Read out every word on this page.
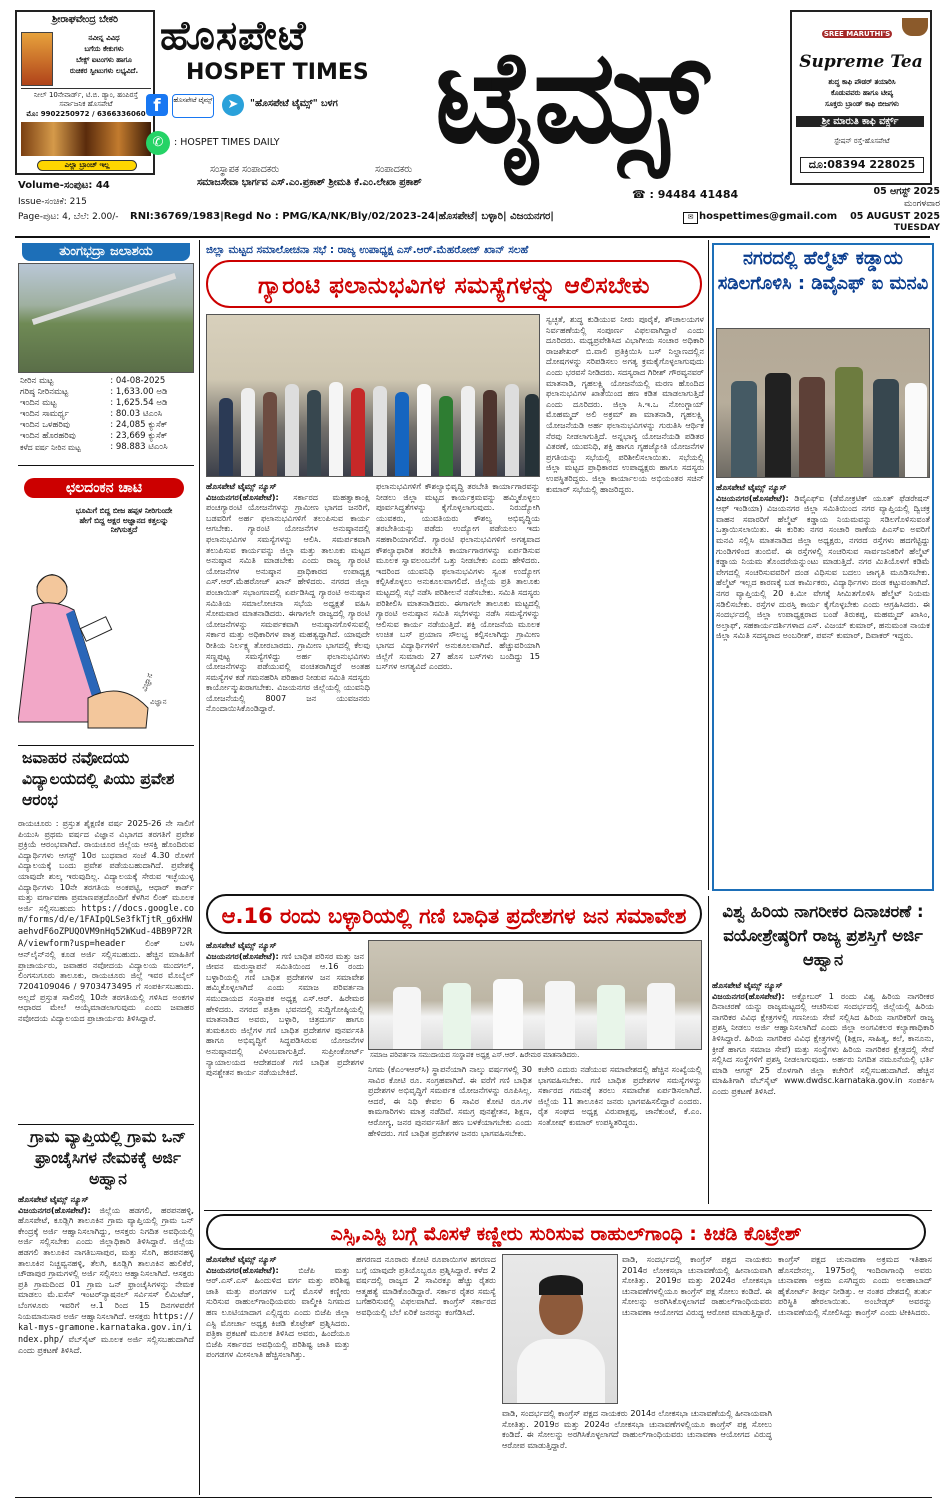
ಶ್ರೀರಾಘವೇಂದ್ರ ಬೇಕರಿ
ನವೀನ್ನ ವಿವಿಧ
ಬಗೆಯ ಕೇಕುಗಳು
ಬೇಕ್ಸ್ ಐಟಂಗಳು ಹಾಗೂ
ರುಚಿಕರ ಸ್ವೀಟುಗಳು ಲಭ್ಯವಿದೆ.
ನೀಲ್ 10ನೇವಾರ್ಡ್, ಟಿ.ಬಿ. ಡ್ಯಾಂ, ಹಂಪಿರಸ್ತೆ ಸರ್ವಾಜನಿಕ ಹೊಸಪೇಟೆ
ಮೊ: 9902250972 / 6366336060
ಎಲ್ಲಾ ಬ್ರಾಂಚ್ ಇಲ್ಲ
ಹೊಸಪೇಟೆ
HOSPET TIMES ಟೈಮ್ಸ್
f	ಹೊಸಪೇಟೆ ಟೈಮ್ಸ್	➤	"ಹೊಸಪೇಟೆ ಟೈಮ್ಸ್" ಬಳಗ
✆	: HOSPET TIMES DAILY
ಸಂಸ್ಥಾಪಕ ಸಂಪಾದಕರು	ಸಂಪಾದಕರು
ಸಮಾಜಸೇವಾ ಭಾರ್ಗವ ಎಸ್.ಎಂ.ಪ್ರಕಾಶ್ ಶ್ರೀಮತಿ ಕೆ.ಎಂ.ಲೇಖಾ ಪ್ರಕಾಶ್
☎ : 94484 41484
SREE MARUTHI'S
Supreme Tea
ಶುದ್ಧ ಕಾಫಿ ಪೌಡರ್ ತಯಾರಿಸಿ
ಕೊಡುವವರು ಹಾಗೂ ಟೀಪ್ಯ
ಸೂಕ್ತರು ಬ್ರಾಂಡ್ ಕಾಫಿ ಬೀಜಗಳು
ಶ್ರೀ ಮಾರುತಿ ಕಾಫಿ ವರ್ಕ್ಸ್
ಸ್ಟೇಷನ್ ರಸ್ತೆ-ಹೊಸಪೇಟೆ
ದೂ:08394 228025
05 ಆಗಸ್ಟ್ 2025
ಮಂಗಳವಾರ
05 AUGUST 2025
TUESDAY
Volume-ಸಂಪುಟ: 44
Issue-ಸಂಚಿಕೆ: 215
Page-ಪುಟ: 4, ಬೆಲೆ: 2.00/-	RNI:36769/1983|Regd No : PMG/KA/NK/Bly/02/2023-24|ಹೊಸಪೇಟೆ| ಬಳ್ಳಾರಿ| ವಿಜಯನಗರ|	✉ hospettimes@gmail.com
ತುಂಗಭದ್ರಾ ಜಲಾಶಯ
ನೀರಿನ ಮಟ್ಟ	: 04-08-2025
ಗರಿಷ್ಠ ನೀರಿನಮಟ್ಟ	: 1,633.00 ಅಡಿ
ಇಂದಿನ ಮಟ್ಟ	: 1,625.54 ಅಡಿ
ಇಂದಿನ ಸಾಮರ್ಥ್ಯ	: 80.03 ಟಿಎಂಸಿ
ಇಂದಿನ ಒಳಹರಿವು	: 24,085 ಕ್ಯುಸೆಕ್
ಇಂದಿನ ಹೊರಹರಿವು	: 23,669 ಕ್ಯುಸೆಕ್
ಕಳೆದ ವರ್ಷ ನೀರಿನ ಮಟ್ಟ	: 98.883 ಟಿಎಂಸಿ
ಛಲದಂಕನ ಚಾಟಿ
ಭೂಮಿಗೆ ಬಿದ್ದ ಬೀಜ ಹಪ್ಪಳ ನೀರಿಗುಂದೇ ಹೇಗೆ ಬಿದ್ದ ಅಕ್ಷರ ಅಜ್ಞಾನದ ಕತ್ತಲನ್ನು ನೀಗಿಸುತ್ತದೆ
ವಿಜ್ಞಾನ
ವಿಜ್ಞಾನ
ಜವಾಹರ ನವೋದಯ ವಿದ್ಯಾಲಯದಲ್ಲಿ ಪಿಯು ಪ್ರವೇಶ ಆರಂಭ
ರಾಯಚೂರು : ಪ್ರಸ್ತುತ ಶೈಕ್ಷಣಿಕ ವರ್ಷ 2025-26 ನೇ ಸಾಲಿಗೆ ಪಿಯುಸಿ ಪ್ರಥಮ ವರ್ಷದ ವಿಜ್ಞಾನ ವಿಭಾಗದ ತರಗತಿಗೆ ಪ್ರವೇಶ ಪ್ರಕ್ರಿಯೆ ಆರಂಭವಾಗಿದೆ. ರಾಯಚೂರ ಜಿಲ್ಲೆಯ ಆಸಕ್ತಿ ಹೊಂದಿರುವ ವಿದ್ಯಾರ್ಥಿಗಳು ಆಗಸ್ಟ್ 10ರ ಬುಧವಾರ ಸಂಜೆ 4.30 ರೊಳಗೆ ವಿದ್ಯಾಲಯಕ್ಕೆ ಬಂದು ಪ್ರವೇಶ ಪಡೆಯಬಹುದಾಗಿದೆ. ಪ್ರವೇಶಕ್ಕೆ ಯಾವುದೇ ಶುಲ್ಕ ಇರುವುದಿಲ್ಲ. ವಿದ್ಯಾಲಯಕ್ಕೆ ಸೇರುವ ಇಚ್ಛೆಯುಳ್ಳ ವಿದ್ಯಾರ್ಥಿಗಳು 10ನೇ ತರಗತಿಯ ಅಂಕಪಟ್ಟಿ, ಆಧಾರ್ ಕಾರ್ಡ್ ಮತ್ತು ವರ್ಗಾವಣಾ ಪ್ರಮಾಣಪತ್ರದೊಂದಿಗೆ ಕೆಳಗಿನ ಲಿಂಕ್ ಮೂಲಕ ಅರ್ಜಿ ಸಲ್ಲಿಸಬಹುದು https://docs.google.com/forms/d/e/1FAIpQLSe3fkTjtR_g6xHWaehvdF6oZPUQOVM9nHq52WKud-4BB9P72RA/viewform?usp=header ಲಿಂಕ್ ಬಳಸಿ ಆನ್‌ಲೈನ್‌ನಲ್ಲಿ ಕೂಡ ಅರ್ಜಿ ಸಲ್ಲಿಸಬಹುದು. ಹೆಚ್ಚಿನ ಮಾಹಿತಿಗೆ ಪ್ರಾಚಾರ್ಯರು, ಜವಾಹರ ನವೋದಯ ವಿದ್ಯಾಲಯ ಮುದಗಲ್, ಲಿಂಗಸುಗೂರು ತಾಲೂಕು, ರಾಯಚೂರು ಜಿಲ್ಲೆ ಇವರ ಮೊಬೈಲ್ 7204109046 / 9703473495 ಗೆ ಸಂಪರ್ಕಿಸಬಹುದು. ಅಲ್ಲದೆ ಪ್ರಸ್ತುತ ಸಾಲಿನಲ್ಲಿ 10ನೇ ತರಗತಿಯಲ್ಲಿ ಗಳಿಸಿದ ಅಂಕಗಳ ಆಧಾರದ ಮೇಲೆ ಆಯ್ಕೆಮಾಡಲಾಗುವುದು ಎಂದು ಜವಾಹರ ನವೋದಯ ವಿದ್ಯಾಲಯದ ಪ್ರಾಚಾರ್ಯರು ತಿಳಿಸಿದ್ದಾರೆ.
ಗ್ರಾಮ ವ್ಯಾಪ್ತಿಯಲ್ಲಿ ಗ್ರಾಮ ಒನ್ ಫ್ರಾಂಚೈಸಿಗಳ ನೇಮಕಕ್ಕೆ ಅರ್ಜಿ ಅಹ್ವಾನ
ಹೊಸಪೇಟೆ ಟೈಮ್ಸ್ ನ್ಯೂಸ್
ವಿಜಯನಗರ(ಹೊಸಪೇಟೆ): ಜಿಲ್ಲೆಯ ಹಡಗಲಿ, ಹರಪನಹಳ್ಳಿ, ಹೊಸಪೇಟೆ, ಕೂಡ್ಲಿಗಿ ತಾಲೂಕಿನ ಗ್ರಾಮ ವ್ಯಾಪ್ತಿಯಲ್ಲಿ ಗ್ರಾಮ ಒನ್ ಕೇಂದ್ರಕ್ಕೆ ಅರ್ಜಿ ಆಹ್ವಾನಿಸಲಾಗಿದ್ದು, ಆಸಕ್ತರು ನಿಗದಿತ ಅವಧಿಯಲ್ಲಿ ಅರ್ಜಿ ಸಲ್ಲಿಸಬೇಕು ಎಂದು ಜಿಲ್ಲಾಧಿಕಾರಿ ತಿಳಿಸಿದ್ದಾರೆ. ಜಿಲ್ಲೆಯ ಹಡಗಲಿ ತಾಲೂಕಿನ ನಾಗತಿಬಸಾಪುರ, ಮತ್ತು ಸೊಗಿ, ಹರಪನಹಳ್ಳಿ ತಾಲೂಕಿನ ನಿಚ್ಚವ್ವನಹಳ್ಳಿ, ತೆಲಗಿ, ಕೂಡ್ಲಿಗಿ ತಾಲೂಕಿನ ಹುಲಿಕೆರೆ, ಚೌಡಾಪುರ ಗ್ರಾಮಗಳಲ್ಲಿ ಅರ್ಜಿ ಸಲ್ಲಿಸಲು ಆಹ್ವಾನಿಸಲಾಗಿದೆ. ಆಸಕ್ತರು ಪ್ರತಿ ಗ್ರಾಮದಿಂದ 01 ಗ್ರಾಮ ಒನ್ ಫ್ರಾಂಚೈಸಿಗಳನ್ನು ನೇಮಕ ಮಾಡಲು ಮೆ.ಐಸೆಸ್ ಇಂಟರ್‌ನ್ಯಾಷನಲ್ ಸರ್ವಿಸಸ್ ಲಿಮಿಟೆಡ್, ಬೆಂಗಳೂರು ಇವರಿಗೆ ಆ.1 ರಿಂದ 15 ದಿನಗಳವರೆಗೆ ನಿಯಮಾನುಸಾರ ಅರ್ಜಿ ಆಹ್ವಾನಿಸಲಾಗಿದೆ. ಆಸಕ್ತರು https://kal-mys-gramone.karnataka.gov.in/index.php/ ವೆಬ್‌ಸೈಟ್ ಮೂಲಕ ಅರ್ಜಿ ಸಲ್ಲಿಸಬಹುದಾಗಿದೆ ಎಂದು ಪ್ರಕಟಣೆ ತಿಳಿಸಿದೆ.
ಜಿಲ್ಲಾ ಮಟ್ಟದ ಸಮಾಲೋಚನಾ ಸಭೆ : ರಾಜ್ಯ ಉಪಾಧ್ಯಕ್ಷ ಎಸ್.ಆರ್.ಮೆಹರೋಜ್ ಖಾನ್ ಸಲಹೆ
ಗ್ಯಾರಂಟಿ ಫಲಾನುಭವಿಗಳ ಸಮಸ್ಯೆಗಳನ್ನು ಆಲಿಸಬೇಕು
ಹೊಸಪೇಟೆ ಟೈಮ್ಸ್ ನ್ಯೂಸ್
ವಿಜಯನಗರ(ಹೊಸಪೇಟೆ): ಸರ್ಕಾರದ ಮಹತ್ವಾಕಾಂಕ್ಷಿ ಪಂಚಗ್ಯಾರಂಟಿ ಯೋಜನೆಗಳನ್ನು ಗ್ರಾಮೀಣ ಭಾಗದ ಜನರಿಗೆ, ಬಡವರಿಗೆ ಅರ್ಹ ಫಲಾನುಭವಿಗಳಿಗೆ ತಲುಪಿಸುವ ಕಾರ್ಯ ಆಗಬೇಕು. ಗ್ಯಾರಂಟಿ ಯೋಜನೆಗಳ ಅನುಷ್ಠಾನದಲ್ಲಿ ಫಲಾನುಭವಿಗಳ ಸಮಸ್ಯೆಗಳನ್ನು ಆಲಿಸಿ. ಸಮರ್ಪಕವಾಗಿ ತಲುಪಿಸುವ ಕಾರ್ಯವನ್ನು ಜಿಲ್ಲಾ ಮತ್ತು ತಾಲೂಕು ಮಟ್ಟದ ಅನುಷ್ಠಾನ ಸಮಿತಿ ಮಾಡಬೇಕು ಎಂದು ರಾಜ್ಯ ಗ್ಯಾರಂಟಿ ಯೋಜನೆಗಳ ಅನುಷ್ಠಾನ ಪ್ರಾಧಿಕಾರದ ಉಪಾಧ್ಯಕ್ಷ ಎಸ್.ಆರ್.ಮೆಹರೋಜ್ ಖಾನ್ ಹೇಳಿದರು. ನಗರದ ಜಿಲ್ಲಾ ಪಂಚಾಯಿತ್ ಸಭಾಂಗಣದಲ್ಲಿ ಏರ್ಪಡಿಸಿದ್ದ ಗ್ಯಾರಂಟಿ ಅನುಷ್ಠಾನ ಸಮಿತಿಯ ಸಮಾಲೋಚನಾ ಸಭೆಯ ಅಧ್ಯಕ್ಷತೆ ವಹಿಸಿ ಸೋಮವಾರ ಮಾತನಾಡಿದರು. ಈಗಾಗಲೇ ರಾಜ್ಯದಲ್ಲಿ ಗ್ಯಾರಂಟಿ ಯೋಜನೆಗಳನ್ನು ಸಮರ್ಪಕವಾಗಿ ಅನುಷ್ಠಾನಗೊಳಿಸುವಲ್ಲಿ ಸರ್ಕಾರ ಮತ್ತು ಅಧಿಕಾರಿಗಳ ಪಾತ್ರ ಮಹತ್ವದ್ದಾಗಿದೆ. ಯಾವುದೇ ರೀತಿಯ ನಿರ್ಲಕ್ಷ್ಯ ತೋರಬಾರದು. ಗ್ರಾಮೀಣ ಭಾಗದಲ್ಲಿ ಕೆಲವು ಸಣ್ಣಪುಟ್ಟ ಸಮಸ್ಯೆಗಳಿದ್ದು ಅರ್ಹ ಫಲಾನುಭವಿಗಳು ಯೋಜನೆಗಳನ್ನು ಪಡೆಯುವಲ್ಲಿ ವಂಚಿತರಾಗಿದ್ದರೆ ಅಂತಹ ಸಮಸ್ಯೆಗಳ ಕಡೆ ಗಮನಹರಿಸಿ ಪರಿಹಾರ ನೀಡುವ ಸಮಿತಿ ಸದಸ್ಯರು ಕಾರ್ಯೋನ್ಮುಖರಾಗಬೇಕು. ವಿಜಯನಗರ ಜಿಲ್ಲೆಯಲ್ಲಿ ಯುವನಿಧಿ ಯೋಜನೆಯಲ್ಲಿ 8007 ಜನ ಯುವಜನರು ನೊಂದಾಯಿಸಿಕೊಂಡಿದ್ದಾರೆ.
ಫಲಾನುಭವಿಗಳಿಗೆ ಕೌಶಲ್ಯಾಭಿವೃದ್ಧಿ ತರಬೇತಿ ಕಾರ್ಯಾಗಾರವನ್ನು ನೀಡಲು ಜಿಲ್ಲಾ ಮಟ್ಟದ ಕಾರ್ಯಕ್ರಮವನ್ನು ಹಮ್ಮಿಕೊಳ್ಳಲು ಪೂರ್ವಸಿದ್ಧತೆಗಳನ್ನು ಕೈಗೊಳ್ಳಲಾಗುವುದು. ನಿರುದ್ಯೋಗಿ ಯುವಕರು, ಯುವತಿಯರು ಕೌಶಲ್ಯ ಅಭಿವೃದ್ಧಿಯ ತರಬೇತಿಯನ್ನು ಪಡೆದು ಉದ್ಯೋಗ ಪಡೆಯಲು ಇದು ಸಹಕಾರಿಯಾಗಲಿದೆ. ಗ್ಯಾರಂಟಿ ಫಲಾನುಭವಿಗಳಿಗೆ ಅಗತ್ಯವಾದ ಕೌಶಲ್ಯಾಧಾರಿತ ತರಬೇತಿ ಕಾರ್ಯಾಗಾರಗಳನ್ನು ಏರ್ಪಡಿಸುವ ಮೂಲಕ ಸ್ವಾವಲಂಬನೆಗೆ ಒತ್ತು ನೀಡಬೇಕು ಎಂದು ಹೇಳಿದರು. ಇದರಿಂದ ಯುವನಿಧಿ ಫಲಾನುಭವಿಗಳು ಸ್ವಂತ ಉದ್ಯೋಗ ಕಲ್ಪಿಸಿಕೊಳ್ಳಲು ಅನುಕೂಲವಾಗಲಿದೆ. ಜಿಲ್ಲೆಯ ಪ್ರತಿ ತಾಲೂಕು ಮಟ್ಟದಲ್ಲಿ ಸಭೆ ನಡೆಸಿ ಪರಿಶೀಲನೆ ನಡೆಸಬೇಕು. ಸಮಿತಿ ಸದಸ್ಯರು ಪರಿಶೀಲಿಸಿ ಮಾತನಾಡಿದರು. ಈಗಾಗಲೇ ತಾಲೂಕು ಮಟ್ಟದಲ್ಲಿ ಗ್ಯಾರಂಟಿ ಅನುಷ್ಠಾನ ಸಮಿತಿ ಸಭೆಗಳನ್ನು ನಡೆಸಿ ಸಮಸ್ಯೆಗಳನ್ನು ಆಲಿಸುವ ಕಾರ್ಯ ನಡೆಯುತ್ತಿದೆ. ಶಕ್ತಿ ಯೋಜನೆಯ ಮೂಲಕ ಉಚಿತ ಬಸ್ ಪ್ರಯಾಣ ಸೌಲಭ್ಯ ಕಲ್ಪಿಸಲಾಗಿದ್ದು ಗ್ರಾಮೀಣ ಭಾಗದ ವಿದ್ಯಾರ್ಥಿಗಳಿಗೆ ಅನುಕೂಲವಾಗಿದೆ. ಹೆಚ್ಚುವರಿಯಾಗಿ ಜಿಲ್ಲೆಗೆ ಸುಮಾರು 27 ಹೊಸ ಬಸ್‌ಗಳು ಬಂದಿದ್ದು 15 ಬಸ್‌ಗಳ ಅಗತ್ಯವಿದೆ ಎಂದರು.
ಸ್ವಚ್ಛತೆ, ಶುದ್ಧ ಕುಡಿಯುವ ನೀರು ಪೂರೈಕೆ, ಶೌಚಾಲಯಗಳ ನಿರ್ವಹಣೆಯಲ್ಲಿ ಸಂಪೂರ್ಣ ವಿಫಲವಾಗಿದ್ದಾರೆ ಎಂದು ದೂರಿದರು. ಮಧ್ಯಪ್ರವೇಶಿಸಿದ ವಿಭಾಗೀಯ ಸಂಚಾರ ಅಧಿಕಾರಿ ರಾಜಶೇಖರ್ ಬಿ.ವಾಲಿ ಪ್ರತಿಕ್ರಿಯಿಸಿ ಬಸ್ ನಿಲ್ದಾಣದಲ್ಲಿನ ದೋಷಗಳನ್ನು ಸರಿಪಡಿಸಲು ಅಗತ್ಯ ಕ್ರಮಕೈಗೊಳ್ಳಲಾಗುವುದು ಎಂದು ಭರವಸೆ ನೀಡಿದರು. ಸದಸ್ಯರಾದ ಗಿರೀಶ್ ಗೌರವ್ಯನವರ್ ಮಾತನಾಡಿ, ಗೃಹಲಕ್ಷ್ಮಿ ಯೋಜನೆಯಲ್ಲಿ ಮರಣ ಹೊಂದಿದ ಫಲಾನುಭವಿಗಳ ಖಾತೆಯಿಂದ ಹಣ ಕಡಿತ ಮಾಡಲಾಗುತ್ತಿದೆ ಎಂದು ದೂರಿದರು. ಜಿಲ್ಲಾ ಸಿ.ಇ.ಒ ನೋಂಗ್ಜಾಯ್ ಮೊಹಮ್ಮದ್ ಅಲಿ ಅಕ್ರಮ್ ಶಾ ಮಾತನಾಡಿ, ಗೃಹಲಕ್ಷ್ಮಿ ಯೋಜನೆಯಡಿ ಅರ್ಹ ಫಲಾನುಭವಿಗಳನ್ನು ಗುರುತಿಸಿ ಆರ್ಥಿಕ ನೆರವು ನೀಡಲಾಗುತ್ತಿದೆ. ಅನ್ನಭಾಗ್ಯ ಯೋಜನೆಯಡಿ ಪಡಿತರ ವಿತರಣೆ, ಯುವನಿಧಿ, ಶಕ್ತಿ ಹಾಗೂ ಗೃಹಜ್ಯೋತಿ ಯೋಜನೆಗಳ ಪ್ರಗತಿಯನ್ನು ಸಭೆಯಲ್ಲಿ ಪರಿಶೀಲಿಸಲಾಯಿತು. ಸಭೆಯಲ್ಲಿ ಜಿಲ್ಲಾ ಮಟ್ಟದ ಪ್ರಾಧಿಕಾರದ ಉಪಾಧ್ಯಕ್ಷರು ಹಾಗೂ ಸದಸ್ಯರು ಉಪಸ್ಥಿತರಿದ್ದರು. ಜಿಲ್ಲಾ ಕಾರ್ಯಾಲಯ ಅಭಿಯಂತರ ಸಚಿನ್ ಕುಮಾರ್ ಸಭೆಯಲ್ಲಿ ಹಾಜರಿದ್ದರು.
ನಗರದಲ್ಲಿ ಹೆಲ್ಮೆಟ್ ಕಡ್ಡಾಯ ಸಡಿಲಗೊಳಿಸಿ : ಡಿವೈಎಫ್ ಐ ಮನವಿ
ಹೊಸಪೇಟೆ ಟೈಮ್ಸ್ ನ್ಯೂಸ್
ವಿಜಯನಗರ(ಹೊಸಪೇಟೆ): ಡಿವೈಎಫ್‌ಐ (ಡೆಮೋಕ್ರಟಿಕ್ ಯೂತ್ ಫೆಡರೇಷನ್ ಆಫ್ ಇಂಡಿಯಾ) ವಿಜಯನಗರ ಜಿಲ್ಲಾ ಸಮಿತಿಯಿಂದ ನಗರ ವ್ಯಾಪ್ತಿಯಲ್ಲಿ ದ್ವಿಚಕ್ರ ವಾಹನ ಸವಾರರಿಗೆ ಹೆಲ್ಮೆಟ್ ಕಡ್ಡಾಯ ನಿಯಮವನ್ನು ಸಡಿಲಗೊಳಿಸುವಂತೆ ಒತ್ತಾಯಿಸಲಾಯಿತು. ಈ ಕುರಿತು ನಗರ ಸಂಚಾರಿ ಠಾಣೆಯ ಪಿಎಸ್ಐ ಅವರಿಗೆ ಮನವಿ ಸಲ್ಲಿಸಿ ಮಾತನಾಡಿದ ಜಿಲ್ಲಾ ಅಧ್ಯಕ್ಷರು, ನಗರದ ರಸ್ತೆಗಳು ಹದಗೆಟ್ಟಿದ್ದು ಗುಂಡಿಗಳಿಂದ ತುಂಬಿವೆ. ಈ ರಸ್ತೆಗಳಲ್ಲಿ ಸಂಚರಿಸುವ ಸಾರ್ವಜನಿಕರಿಗೆ ಹೆಲ್ಮೆಟ್ ಕಡ್ಡಾಯ ನಿಯಮ ತೊಂದರೆಯನ್ನುಂಟು ಮಾಡುತ್ತಿದೆ. ನಗರ ಮಿತಿಯೊಳಗೆ ಕಡಿಮೆ ವೇಗದಲ್ಲಿ ಸಂಚರಿಸುವವರಿಗೆ ದಂಡ ವಿಧಿಸುವ ಬದಲು ಜಾಗೃತಿ ಮೂಡಿಸಬೇಕು. ಹೆಲ್ಮೆಟ್ ಇಲ್ಲದ ಕಾರಣಕ್ಕೆ ಬಡ ಕಾರ್ಮಿಕರು, ವಿದ್ಯಾರ್ಥಿಗಳು ದಂಡ ಕಟ್ಟುವಂತಾಗಿದೆ. ನಗರ ವ್ಯಾಪ್ತಿಯಲ್ಲಿ 20 ಕಿ.ಮೀ ವೇಗಕ್ಕೆ ಸೀಮಿತಗೊಳಿಸಿ ಹೆಲ್ಮೆಟ್ ನಿಯಮ ಸಡಿಲಿಸಬೇಕು. ರಸ್ತೆಗಳ ದುರಸ್ತಿ ಕಾರ್ಯ ಕೈಗೊಳ್ಳಬೇಕು ಎಂದು ಆಗ್ರಹಿಸಿದರು. ಈ ಸಂದರ್ಭದಲ್ಲಿ ಜಿಲ್ಲಾ ಉಪಾಧ್ಯಕ್ಷರಾದ ಬಂಡೆ ತಿರುಕಪ್ಪ, ಮಹಮ್ಮದ್ ಖಾಸಿಂ, ಅಲ್ತಾಫ್, ಸಹಕಾರ್ಯದರ್ಶಿಗಳಾದ ಎಸ್. ವಿಜಯ್ ಕುಮಾರ್, ಹನುಮಂತ ನಾಯಕ ಜಿಲ್ಲಾ ಸಮಿತಿ ಸದಸ್ಯರಾದ ಅಂಬರೀಶ್, ಪವನ್ ಕುಮಾರ್, ದಿವಾಕರ್ ಇದ್ದರು.
ವಿಶ್ವ ಹಿರಿಯ ನಾಗರೀಕರ ದಿನಾಚರಣೆ : ವಯೋಶ್ರೇಷ್ಠರಿಗೆ ರಾಜ್ಯ ಪ್ರಶಸ್ತಿಗೆ ಅರ್ಜಿ ಆಹ್ವಾನ
ಹೊಸಪೇಟೆ ಟೈಮ್ಸ್ ನ್ಯೂಸ್
ವಿಜಯನಗರ(ಹೊಸಪೇಟೆ): ಅಕ್ಟೋಬರ್ 1 ರಂದು ವಿಶ್ವ ಹಿರಿಯ ನಾಗರೀಕರ ದಿನಾಚರಣೆ ಯನ್ನು ರಾಜ್ಯಮಟ್ಟದಲ್ಲಿ ಆಚರಿಸುವ ಸಂದರ್ಭದಲ್ಲಿ ಜಿಲ್ಲೆಯಲ್ಲಿ ಹಿರಿಯ ನಾಗರಿಕರ ವಿವಿಧ ಕ್ಷೇತ್ರಗಳಲ್ಲಿ ಗಣನೀಯ ಸೇವೆ ಸಲ್ಲಿಸಿದ ಹಿರಿಯ ನಾಗರಿಕರಿಗೆ ರಾಜ್ಯ ಪ್ರಶಸ್ತಿ ನೀಡಲು ಅರ್ಜಿ ಆಹ್ವಾನಿಸಲಾಗಿದೆ ಎಂದು ಜಿಲ್ಲಾ ಅಂಗವಿಕಲರ ಕಲ್ಯಾಣಾಧಿಕಾರಿ ತಿಳಿಸಿದ್ದಾರೆ. ಹಿರಿಯ ನಾಗರಿಕರ ವಿವಿಧ ಕ್ಷೇತ್ರಗಳಲ್ಲಿ (ಶಿಕ್ಷಣ, ಸಾಹಿತ್ಯ, ಕಲೆ, ಕಾನೂನು, ಕ್ರೀಡೆ ಹಾಗೂ ಸಮಾಜ ಸೇವೆ) ಮತ್ತು ಸಂಸ್ಥೆಗಳು ಹಿರಿಯ ನಾಗರಿಕರ ಕ್ಷೇತ್ರದಲ್ಲಿ ಸೇವೆ ಸಲ್ಲಿಸಿದ ಸಂಸ್ಥೆಗಳಿಗೆ ಪ್ರಶಸ್ತಿ ನೀಡಲಾಗುವುದು. ಅರ್ಹರು ನಿಗದಿತ ನಮೂನೆಯಲ್ಲಿ ಭರ್ತಿ ಮಾಡಿ ಆಗಸ್ಟ್ 25 ರೊಳಗಾಗಿ ಜಿಲ್ಲಾ ಕಚೇರಿಗೆ ಸಲ್ಲಿಸಬಹುದಾಗಿದೆ. ಹೆಚ್ಚಿನ ಮಾಹಿತಿಗಾಗಿ ವೆಬ್‌ಸೈಟ್ www.dwdsc.karnataka.gov.in ಸಂಪರ್ಕಿಸಿ ಎಂದು ಪ್ರಕಟಣೆ ತಿಳಿಸಿದೆ.
ಆ.16 ರಂದು ಬಳ್ಳಾರಿಯಲ್ಲಿ ಗಣಿ ಬಾಧಿತ ಪ್ರದೇಶಗಳ ಜನ ಸಮಾವೇಶ
ಹೊಸಪೇಟೆ ಟೈಮ್ಸ್ ನ್ಯೂಸ್
ವಿಜಯನಗರ(ಹೊಸಪೇಟೆ): ಗಣಿ ಬಾಧಿತ ಪರಿಸರ ಮತ್ತು ಜನ ಜೀವನ ಮರುಸ್ಥಾಪನೆ ಸಮಿತಿಯಿಂದ ಆ.16 ರಂದು ಬಳ್ಳಾರಿಯಲ್ಲಿ ಗಣಿ ಬಾಧಿತ ಪ್ರದೇಶಗಳ ಜನ ಸಮಾವೇಶ ಹಮ್ಮಿಕೊಳ್ಳಲಾಗಿದೆ ಎಂದು ಸಮಾಜ ಪರಿವರ್ತನಾ ಸಮುದಾಯದ ಸಂಸ್ಥಾಪಕ ಅಧ್ಯಕ್ಷ ಎಸ್.ಆರ್. ಹಿರೇಮಠ ಹೇಳಿದರು. ನಗರದ ಪತ್ರಿಕಾ ಭವನದಲ್ಲಿ ಸುದ್ದಿಗೋಷ್ಠಿಯಲ್ಲಿ ಮಾತನಾಡಿದ ಅವರು, ಬಳ್ಳಾರಿ, ಚಿತ್ರದುರ್ಗ ಹಾಗೂ ತುಮಕೂರು ಜಿಲ್ಲೆಗಳ ಗಣಿ ಬಾಧಿತ ಪ್ರದೇಶಗಳ ಪುನರ್ವಸತಿ ಹಾಗೂ ಅಭಿವೃದ್ಧಿಗೆ ಸಿದ್ಧಪಡಿಸಿರುವ ಯೋಜನೆಗಳ ಅನುಷ್ಠಾನದಲ್ಲಿ ವಿಳಂಬವಾಗುತ್ತಿದೆ. ಸುಪ್ರೀಂಕೋರ್ಟ್ ನ್ಯಾಯಾಲಯದ ಆದೇಶದಂತೆ ಗಣಿ ಬಾಧಿತ ಪ್ರದೇಶಗಳ ಪುನಶ್ಚೇತನ ಕಾರ್ಯ ನಡೆಯಬೇಕಿದೆ.
ಸಮಾಜ ಪರಿವರ್ತನಾ ಸಮುದಾಯದ ಸಂಸ್ಥಾಪಕ ಅಧ್ಯಕ್ಷ ಎಸ್.ಆರ್. ಹಿರೇಮಠ ಮಾತನಾಡಿದರು.
ನಿಗಮ (ಕೆಎಂಇಆರ್‌ಸಿ) ಸ್ಥಾಪನೆಯಾಗಿ ನಾಲ್ಕು ವರ್ಷಗಳಲ್ಲಿ 30 ಸಾವಿರ ಕೋಟಿ ರೂ. ಸಂಗ್ರಹವಾಗಿದೆ. ಈ ವರೆಗೆ ಗಣಿ ಬಾಧಿತ ಪ್ರದೇಶಗಳ ಅಭಿವೃದ್ಧಿಗೆ ಸಮರ್ಪಕ ಯೋಜನೆಗಳನ್ನು ರೂಪಿಸಿಲ್ಲ. ಆದರೆ, ಈ ನಿಧಿ ಕೇವಲ 6 ಸಾವಿರ ಕೋಟಿ ರೂ.ಗಳ ಕಾಮಗಾರಿಗಳು ಮಾತ್ರ ನಡೆದಿವೆ. ಸಮಗ್ರ ಪುನಶ್ಚೇತನ, ಶಿಕ್ಷಣ, ಆರೋಗ್ಯ, ಜನರ ಪುನರ್ವಸತಿಗೆ ಹಣ ಬಳಕೆಯಾಗಬೇಕು ಎಂದು ಹೇಳಿದರು. ಗಣಿ ಬಾಧಿತ ಪ್ರದೇಶಗಳ ಜನರು ಭಾಗವಹಿಸಬೇಕು.
ಕಚೇರಿ ಎದುರು ನಡೆಯುವ ಸಮಾವೇಶದಲ್ಲಿ ಹೆಚ್ಚಿನ ಸಂಖ್ಯೆಯಲ್ಲಿ ಭಾಗವಹಿಸಬೇಕು. ಗಣಿ ಬಾಧಿತ ಪ್ರದೇಶಗಳ ಸಮಸ್ಯೆಗಳನ್ನು ಸರ್ಕಾರದ ಗಮನಕ್ಕೆ ತರಲು ಸಮಾವೇಶ ಏರ್ಪಡಿಸಲಾಗಿದೆ. ಜಿಲ್ಲೆಯ 11 ತಾಲೂಕಿನ ಜನರು ಭಾಗವಹಿಸಲಿದ್ದಾರೆ ಎಂದರು. ರೈತ ಸಂಘದ ಅಧ್ಯಕ್ಷ ವಿರುಪಾಕ್ಷಪ್ಪ, ಜಾನೆಕುಂಟೆ, ಕೆ.ಎಂ. ಸಂತೋಷ್ ಕುಮಾರ್ ಉಪಸ್ಥಿತರಿದ್ದರು.
ಎಸ್ಸಿ,ಎಸ್ಟಿ ಬಗ್ಗೆ ಮೊಸಳೆ ಕಣ್ಣೀರು ಸುರಿಸುವ ರಾಹುಲ್‌ಗಾಂಧಿ : ಕಿಚಡಿ ಕೊಟ್ರೇಶ್
ಹೊಸಪೇಟೆ ಟೈಮ್ಸ್ ನ್ಯೂಸ್
ವಿಜಯನಗರ(ಹೊಸಪೇಟೆ): ಬಿಜೆಪಿ ಮತ್ತು ಆರ್.ಎಸ್.ಎಸ್ ಹಿಂದುಳಿದ ವರ್ಗ ಮತ್ತು ಪರಿಶಿಷ್ಟ ಜಾತಿ ಮತ್ತು ಪಂಗಡಗಳ ಬಗ್ಗೆ ಮೊಸಳೆ ಕಣ್ಣೀರು ಸುರಿಸುವ ರಾಹುಲ್‌ಗಾಂಧಿಯವರು ವಾಲ್ಮೀಕಿ ನಿಗಮದ ಹಣ ಲೂಟಿಯಾದಾಗ ಎಲ್ಲಿದ್ದರು ಎಂದು ಬಿಜೆಪಿ ಜಿಲ್ಲಾ ಎಸ್ಟಿ ಮೋರ್ಚಾ ಅಧ್ಯಕ್ಷ ಕಿಚಡಿ ಕೊಟ್ರೇಶ್ ಪ್ರಶ್ನಿಸಿದರು. ಪತ್ರಿಕಾ ಪ್ರಕಟಣೆ ಮೂಲಕ ತಿಳಿಸಿದ ಅವರು, ಹಿಂದೆಯೂ ಬಿಜೆಪಿ ಸರ್ಕಾರದ ಅವಧಿಯಲ್ಲಿ ಪರಿಶಿಷ್ಟ ಜಾತಿ ಮತ್ತು ಪಂಗಡಗಳ ಮೀಸಲಾತಿ ಹೆಚ್ಚಿಸಲಾಗಿತ್ತು.
ಹಗರಣದ ನೂರಾರು ಕೋಟಿ ರೂಪಾಯಿಗಳ ಹಗರಣದ ಬಗ್ಗೆ ಯಾವುದೇ ಪ್ರತಿಯೊಬ್ಬರೂ ಪ್ರಶ್ನಿಸಿದ್ದಾರೆ. ಕಳೆದ 2 ವರ್ಷದಲ್ಲಿ ರಾಜ್ಯದ 2 ಸಾವಿರಕ್ಕೂ ಹೆಚ್ಚು ರೈತರು ಆತ್ಮಹತ್ಯೆ ಮಾಡಿಕೊಂಡಿದ್ದಾರೆ. ಸರ್ಕಾರ ರೈತರ ಸಮಸ್ಯೆ ಬಗೆಹರಿಸುವಲ್ಲಿ ವಿಫಲವಾಗಿದೆ. ಕಾಂಗ್ರೆಸ್ ಸರ್ಕಾರದ ಅವಧಿಯಲ್ಲಿ ಬೆಲೆ ಏರಿಕೆ ಜನರನ್ನು ಕಂಗೆಡಿಸಿದೆ.
ವಾಡಿ, ಸಂದರ್ಭದಲ್ಲಿ ಕಾಂಗ್ರೆಸ್ ಪಕ್ಷದ ನಾಯಕರು 2014ರ ಲೋಕಸಭಾ ಚುನಾವಣೆಯಲ್ಲಿ ಹೀನಾಯವಾಗಿ ಸೋತಿತ್ತು. 2019ರ ಮತ್ತು 2024ರ ಲೋಕಸಭಾ ಚುನಾವಣೆಗಳಲ್ಲಿಯೂ ಕಾಂಗ್ರೆಸ್ ಪಕ್ಷ ಸೋಲು ಕಂಡಿದೆ. ಈ ಸೋಲನ್ನು ಅರಗಿಸಿಕೊಳ್ಳಲಾಗದೆ ರಾಹುಲ್‌ಗಾಂಧಿಯವರು ಚುನಾವಣಾ ಆಯೋಗದ ವಿರುದ್ಧ ಆರೋಪ ಮಾಡುತ್ತಿದ್ದಾರೆ.
ವಾಡಿ, ಸಂದರ್ಭದಲ್ಲಿ ಕಾಂಗ್ರೆಸ್ ಪಕ್ಷದ ನಾಯಕರು 2014ರ ಲೋಕಸಭಾ ಚುನಾವಣೆಯಲ್ಲಿ ಹೀನಾಯವಾಗಿ ಸೋತಿತ್ತು. 2019ರ ಮತ್ತು 2024ರ ಲೋಕಸಭಾ ಚುನಾವಣೆಗಳಲ್ಲಿಯೂ ಕಾಂಗ್ರೆಸ್ ಪಕ್ಷ ಸೋಲು ಕಂಡಿದೆ. ಈ ಸೋಲನ್ನು ಅರಗಿಸಿಕೊಳ್ಳಲಾಗದೆ ರಾಹುಲ್‌ಗಾಂಧಿಯವರು ಚುನಾವಣಾ ಆಯೋಗದ ವಿರುದ್ಧ ಆರೋಪ ಮಾಡುತ್ತಿದ್ದಾರೆ.
ಕಾಂಗ್ರೆಸ್ ಪಕ್ಷದ ಚುನಾವಣಾ ಅಕ್ರಮದ ಇತಿಹಾಸ ಹೊಸದೇನಲ್ಲ. 1975ರಲ್ಲಿ ಇಂದಿರಾಗಾಂಧಿ ಅವರು ಚುನಾವಣಾ ಅಕ್ರಮ ಎಸಗಿದ್ದರು ಎಂದು ಅಲಹಾಬಾದ್ ಹೈಕೋರ್ಟ್ ತೀರ್ಪು ನೀಡಿತ್ತು. ಆ ನಂತರ ದೇಶದಲ್ಲಿ ತುರ್ತು ಪರಿಸ್ಥಿತಿ ಹೇರಲಾಯಿತು. ಅಂಬೇಡ್ಕರ್ ಅವರನ್ನು ಚುನಾವಣೆಯಲ್ಲಿ ಸೋಲಿಸಿದ್ದು ಕಾಂಗ್ರೆಸ್ ಎಂದು ಟೀಕಿಸಿದರು.
